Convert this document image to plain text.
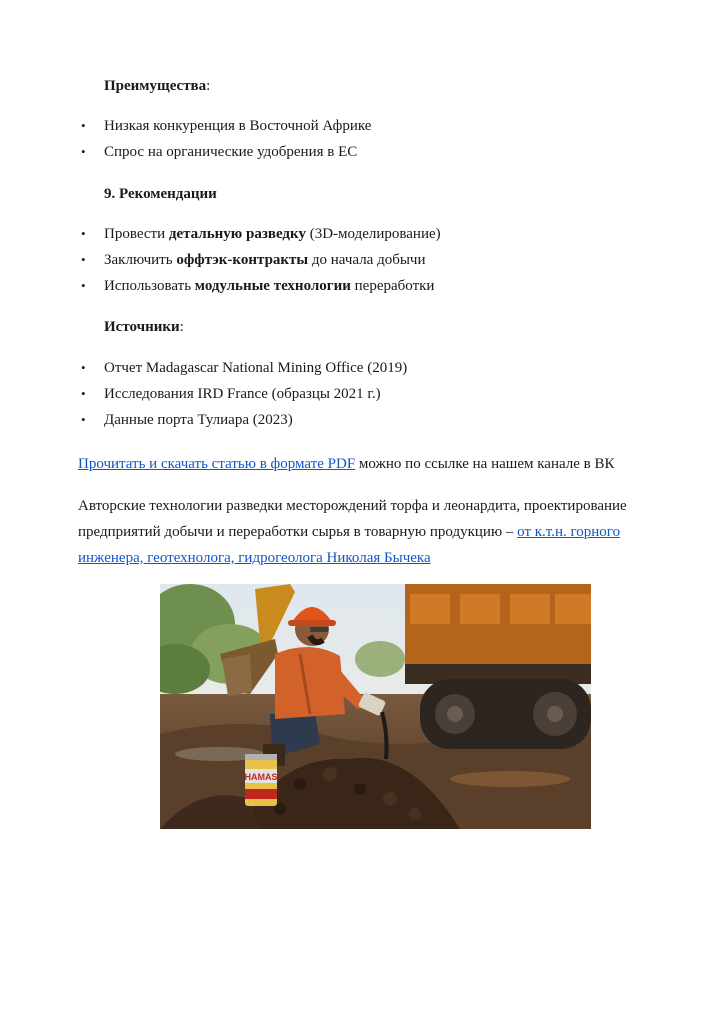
Преимущества:

• Низкая конкуренция в Восточной Африке
• Спрос на органические удобрения в ЕС

9. Рекомендации

• Провести детальную разведку (3D-моделирование)
• Заключить оффтэк-контракты до начала добычи
• Использовать модульные технологии переработки

Источники:

• Отчет Madagascar National Mining Office (2019)
• Исследования IRD France (образцы 2021 г.)
• Данные порта Тулиара (2023)

Прочитать и скачать статью в формате PDF можно по ссылке на нашем канале в ВК

Авторские технологии разведки месторождений торфа и леонардита, проектирование предприятий добычи и переработки сырья в товарную продукцию – от к.т.н. горного инженера, геотехнолога, гидрогеолога Николая Бычека

HAMAS
